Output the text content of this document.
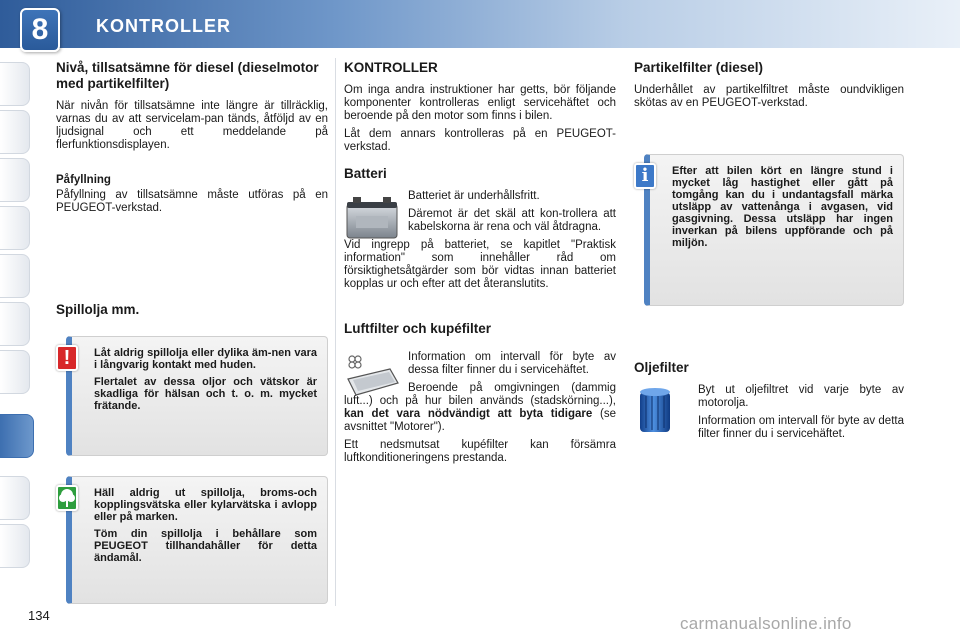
8	KONTROLLER
Nivå, tillsatsämne för diesel (dieselmotor med partikelfilter)

När nivån för tillsatsämne inte längre är tillräcklig, varnas du av att servicelam-pan tänds, åtföljd av en ljudsignal och ett meddelande på flerfunktionsdisplayen.

Påfyllning

Påfyllning av tillsatsämne måste utföras på en PEUGEOT-verkstad.

Spillolja mm.
!	Låt aldrig spillolja eller dylika äm-nen vara i långvarig kontakt med huden.

Flertalet av dessa oljor och vätskor är skadliga för hälsan och t. o. m. mycket frätande.

Häll aldrig ut spillolja, broms-och kopplingsvätska eller kylarvätska i avlopp eller på marken.

Töm din spillolja i behållare som PEUGEOT tillhandahåller för detta ändamål.

KONTROLLER

Om inga andra instruktioner har getts, bör följande komponenter kontrolleras enligt servicehäftet och beroende på den motor som finns i bilen.

Låt dem annars kontrolleras på en PEUGEOT-verkstad.

Batteri

Batteriet är underhållsfritt.

Däremot är det skäl att kon-trollera att kabelskorna är rena och väl åtdragna.

Vid ingrepp på batteriet, se kapitlet "Praktisk information" som innehåller råd om försiktighetsåtgärder som bör vidtas innan batteriet kopplas ur och efter att det återanslutits.

Luftfilter och kupéfilter

Information om intervall för byte av dessa filter finner du i servicehäftet.

Beroende på omgivningen (dammig luft...) och på hur bilen används (stadskörning...), kan det vara nödvändigt att byta tidigare (se avsnittet "Motorer").

Ett nedsmutsat kupéfilter kan försämra luftkonditioneringens prestanda.

Partikelfilter (diesel)

Underhållet av partikelfiltret måste oundvikligen skötas av en PEUGEOT-verkstad.

i	Efter att bilen kört en längre stund i mycket låg hastighet eller gått på tomgång kan du i undantagsfall märka utsläpp av vattenånga i avgasen, vid gasgivning. Dessa utsläpp har ingen inverkan på bilens uppförande och på miljön.

Oljefilter

Byt ut oljefiltret vid varje byte av motorolja.

Information om intervall för byte av detta filter finner du i servicehäftet.

134	carmanualsonline.info
